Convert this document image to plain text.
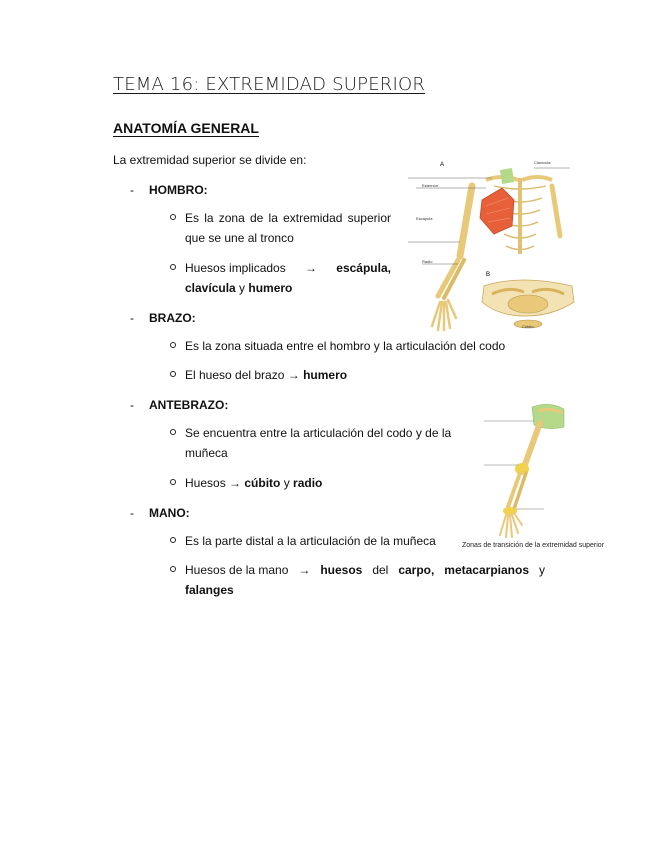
TEMA 16: EXTREMIDAD SUPERIOR
ANATOMÍA GENERAL
La extremidad superior se divide en:
- HOMBRO:
Es la zona de la extremidad superior
que se une al tronco
Huesos implicados → escápula,
clavícula y humero
- BRAZO:
Es la zona situada entre el hombro y la articulación del codo
El hueso del brazo → humero
- ANTEBRAZO:
Se encuentra entre la articulación del codo y de la
muñeca
Huesos → cúbito y radio
- MANO:
Es la parte distal a la articulación de la muñeca
Huesos de la mano → huesos del carpo, metacarpianos y
falanges
A
Esternón
Escápula
Radio
Clavícula
B
Cúbito
Zonas de transición de la extremidad superior
